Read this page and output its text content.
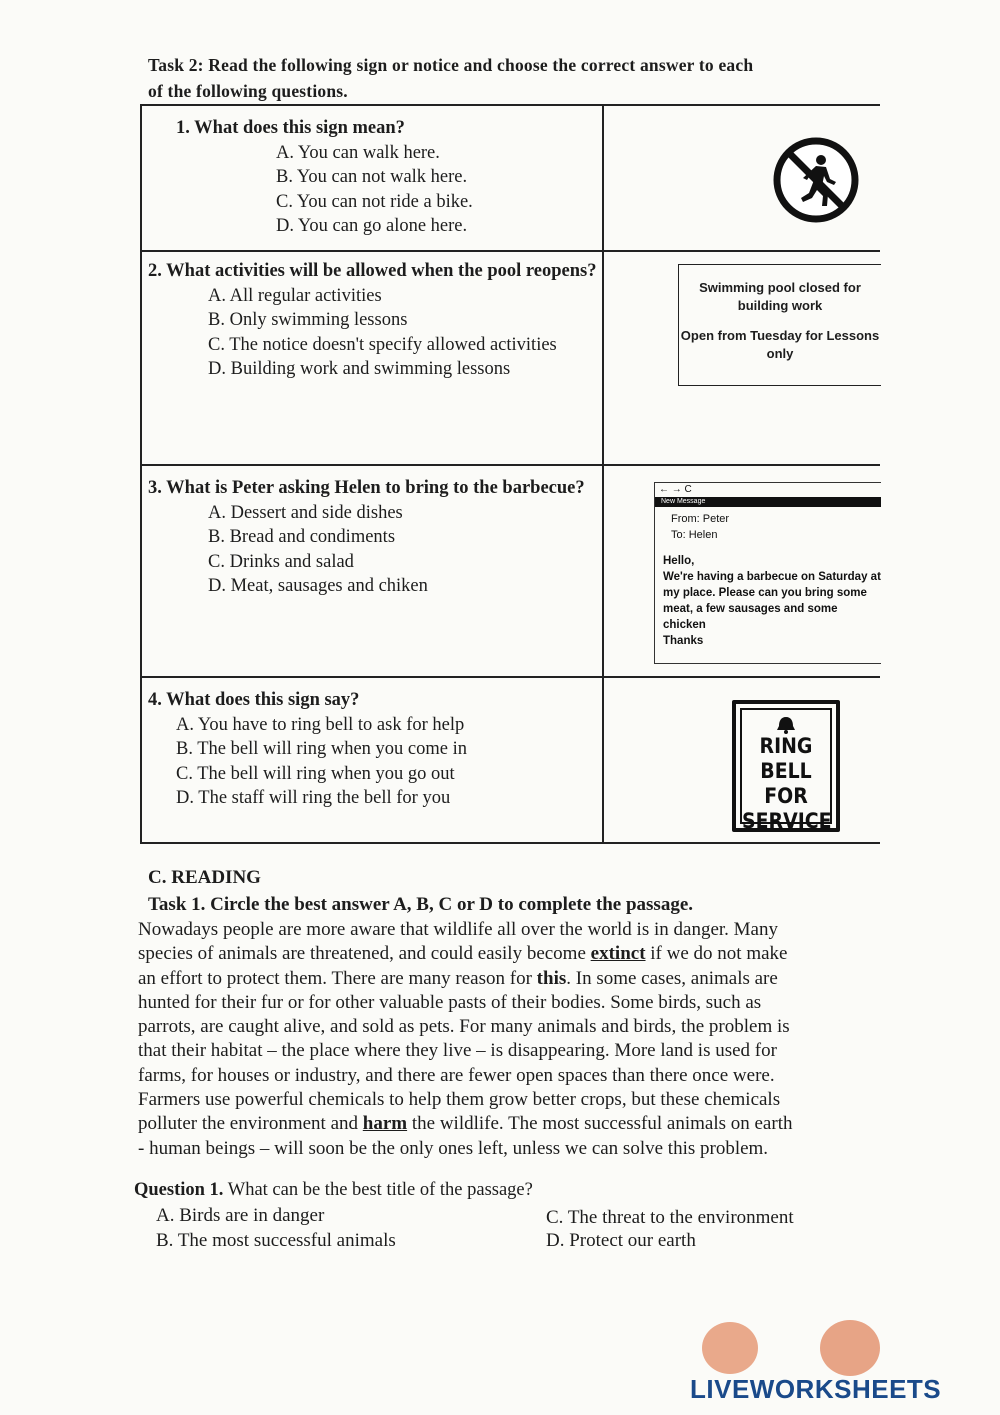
Task 2: Read the following sign or notice and choose the correct answer to each
of the following questions.
1. What does this sign mean?
A. You can walk here.
B. You can not walk here.
C. You can not ride a bike.
D. You can go alone here.
2. What activities will be allowed when the pool reopens?
A. All regular activities
B. Only swimming lessons
C. The notice doesn't specify allowed activities
D. Building work and swimming lessons
Swimming pool closed for building work
Open from Tuesday for Lessons only
3. What is Peter asking Helen to bring to the barbecue?
A. Dessert and side dishes
B. Bread and condiments
C. Drinks and salad
D. Meat, sausages and chiken
← → C
New Message
From: Peter
To: Helen
Hello,
We're having a barbecue on Saturday at my place. Please can you bring some meat, a few sausages and some chicken
Thanks
4. What does this sign say?
A. You have to ring bell to ask for help
B. The bell will ring when you come in
C. The bell will ring when you go out
D. The staff will ring the bell for you
RING
BELL FOR
SERVICE
C. READING
Task 1. Circle the best answer A, B, C or D to complete the passage.
Nowadays people are more aware that wildlife all over the world is in danger. Many
species of animals are threatened, and could easily become extinct if we do not make
an effort to protect them. There are many reason for this. In some cases, animals are
hunted for their fur or for other valuable pasts of their bodies. Some birds, such as
parrots, are caught alive, and sold as pets. For many animals and birds, the problem is
that their habitat – the place where they live – is disappearing. More land is used for
farms, for houses or industry, and there are fewer open spaces than there once were.
Farmers use powerful chemicals to help them grow better crops, but these chemicals
polluter the environment and harm the wildlife. The most successful animals on earth
- human beings – will soon be the only ones left, unless we can solve this problem.
Question 1. What can be the best title of the passage?
A. Birds are in danger
B. The most successful animals
C. The threat to the environment
D. Protect our earth
LIVEWORKSHEETS
